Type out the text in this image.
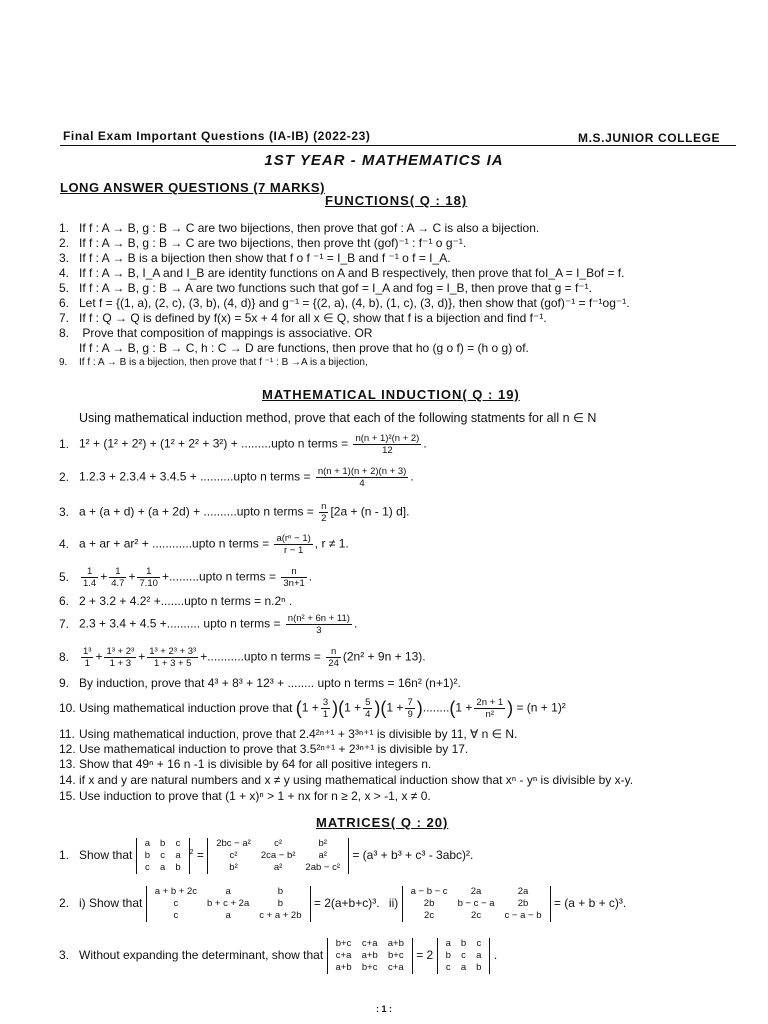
Final Exam Important Questions (IA-IB) (2022-23)	M.S.JUNIOR COLLEGE
1ST YEAR - MATHEMATICS IA
LONG ANSWER QUESTIONS (7 MARKS)
FUNCTIONS( Q : 18)
1. If f : A → B, g : B → C are two bijections, then prove that gof : A → C is also a bijection.
2. If f : A → B, g : B → C are two bijections, then prove tht (gof)⁻¹ : f⁻¹ o g⁻¹.
3. If f : A → B is a bijection then show that f o f ⁻¹ = I_B and f ⁻¹ o f = I_A.
4. If f : A → B, I_A and I_B are identity functions on A and B respectively, then prove that foI_A = I_Bof = f.
5. If f : A → B, g : B → A are two functions such that gof = I_A and fog = I_B, then prove that g = f⁻¹.
6. Let f = {(1, a), (2, c), (3, b), (4, d)} and g⁻¹ = {(2, a), (4, b), (1, c), (3, d)}, then show that (gof)⁻¹ = f⁻¹og⁻¹.
7. If f : Q → Q is defined by f(x) = 5x + 4 for all x ∈ Q, show that f is a bijection and find f⁻¹.
8. Prove that composition of mappings is associative. OR
If f : A → B, g : B → C, h : C → D are functions, then prove that ho (g o f) = (h o g) of.
9. If f : A → B is a bijection, then prove that f ⁻¹ : B →A is a bijection,
MATHEMATICAL INDUCTION( Q : 19)
Using mathematical induction method, prove that each of the following statments for all n ∈ N
1. 1² + (1² + 2²) + (1² + 2² + 3²) + .........upto n terms = $\frac{\text{n(n + 1)²(n + 2)}}{12}$ .
2. 1.2.3 + 2.3.4 + 3.4.5 + ..........upto n terms = $\frac{n(n + 1)(n + 2)(n + 3)}{4}$ .
3. a + (a + d) + (a + 2d) + ..........upto n terms = $\frac{n}{2} [2a + (n - 1)$ d].
4. a + ar + ar² + ............upto n terms = $\frac{\text{a(rⁿ − 1)}}{r - 1}$ , r ≠ 1.
5. $\frac{1}{1.4} + \frac{1}{4.7} + \frac{1}{7.10}$ +.........upto n terms = $\frac{n}{3n+1}$ .
6. 2 + 3.2 + 4.2² +.......upto n terms = n.2ⁿ .
7. 2.3 + 3.4 + 4.5 +.......... upto n terms = $\frac{\text{n(n² + 6n + 11)}}{3}$ .
8. $\frac{\text{1³}}{1} + \frac{\text{1³ + 2³}}{1 + 3} + \frac{\text{1³ + 2³ + 3³}}{1 + 3 + 5}$ +...........upto n terms = $\frac{n}{24} (2n^2 + 9n + 13)$.
9. By induction, prove that 4³ + 8³ + 12³ + ........ upto n terms = 16n² (n+1)².
10. Using mathematical induction prove that $(1 + \frac{3}{1} )(1 + \frac{5}{4} )(1 + \frac{7}{9} )........(1 + \frac{2n + 1}{\text{n²}}$ ) = (n + 1)²
11. Using mathematical induction, prove that 2.4²ⁿ⁺¹ + 3³ⁿ⁺¹ is divisible by 11, ∀ n ∈ N.
12. Use mathematical induction to prove that 3.5²ⁿ⁺¹ + 2³ⁿ⁺¹ is divisible by 17.
13. Show that 49ⁿ + 16 n -1 is divisible by 64 for all positive integers n.
14. if x and y are natural numbers and x ≠ y using mathematical induction show that xⁿ - yⁿ is divisible by x-y.
15. Use induction to prove that (1 + x)ⁿ > 1 + nx for n ≥ 2, x > -1, x ≠ 0.
MATRICES( Q : 20)
1. Show that
a	b	c
b	c	a
c	a	b
$^2$ =
2bc − a²	c²	b²
c²	2ca − b²	a²
b²	a²	2ab − c²
= (a³ + b³ + c³ - 3abc)².
2. i) Show that
a + b + 2c	a	b
c	b + c + 2a	b
c	a	c + a + 2b
= 2(a+b+c)³. ii)
a − b − c	2a	2a
2b	b − c − a	2b
2c	2c	c − a − b
= (a + b + c)³.
3. Without expanding the determinant, show that
b+c	c+a	a+b
c+a	a+b	b+c
a+b	b+c	c+a
= 2
a	b	c
b	c	a
c	a	b
.
: 1 :
